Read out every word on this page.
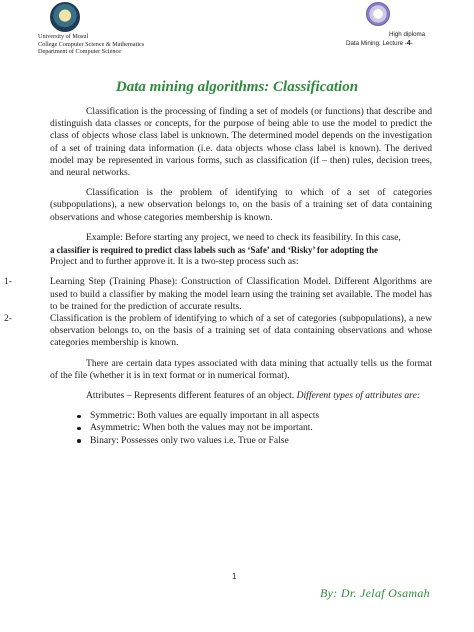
University of Mosul
College Computer Science & Mathematics
Department of Computer Science
High diploma
Data Mining: Lecture -4-
Data mining algorithms: Classification

Classification is the processing of finding a set of models (or functions) that describe and distinguish data classes or concepts, for the purpose of being able to use the model to predict the class of objects whose class label is unknown. The determined model depends on the investigation of a set of training data information (i.e. data objects whose class label is known). The derived model may be represented in various forms, such as classification (if – then) rules, decision trees, and neural networks.

Classification is the problem of identifying to which of a set of categories (subpopulations), a new observation belongs to, on the basis of a training set of data containing observations and whose categories membership is known.

Example: Before starting any project, we need to check its feasibility. In this case,
a classifier is required to predict class labels such as ‘Safe’ and ‘Risky’ for adopting the
Project and to further approve it. It is a two-step process such as:

1-	Learning Step (Training Phase): Construction of Classification Model. Different Algorithms are used to build a classifier by making the model learn using the training set available. The model has to be trained for the prediction of accurate results.
2-	Classification is the problem of identifying to which of a set of categories (subpopulations), a new observation belongs to, on the basis of a training set of data containing observations and whose categories membership is known.

There are certain data types associated with data mining that actually tells us the format of the file (whether it is in text format or in numerical format).

Attributes – Represents different features of an object. Different types of attributes are:

Symmetric: Both values are equally important in all aspects
Asymmetric: When both the values may not be important.
Binary: Possesses only two values i.e. True or False
1
By: Dr. Jelaf Osamah
